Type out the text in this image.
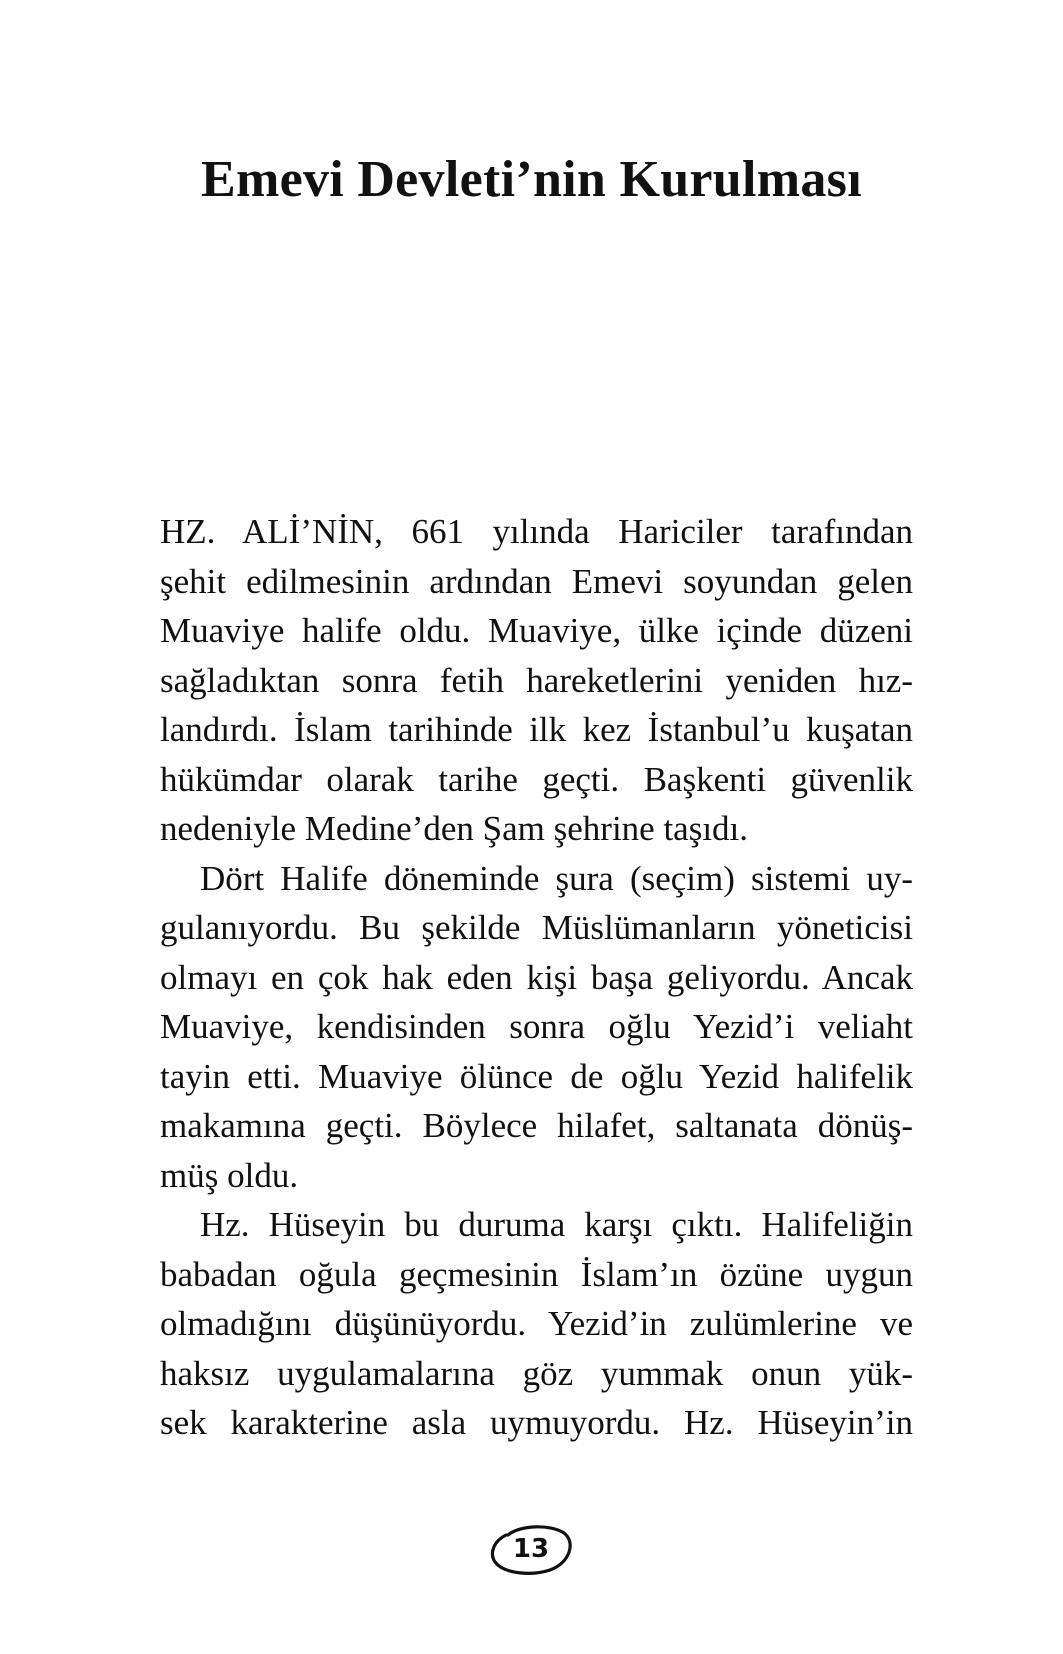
Emevi Devleti’nin Kurulması
HZ. ALİ’NİN, 661 yılında Hariciler tarafından
şehit edilmesinin ardından Emevi soyundan gelen
Muaviye halife oldu. Muaviye, ülke içinde düzeni
sağladıktan sonra fetih hareketlerini yeniden hız-
landırdı. İslam tarihinde ilk kez İstanbul’u kuşatan
hükümdar olarak tarihe geçti. Başkenti güvenlik
nedeniyle Medine’den Şam şehrine taşıdı.
Dört Halife döneminde şura (seçim) sistemi uy-
gulanıyordu. Bu şekilde Müslümanların yöneticisi
olmayı en çok hak eden kişi başa geliyordu. Ancak
Muaviye, kendisinden sonra oğlu Yezid’i veliaht
tayin etti. Muaviye ölünce de oğlu Yezid halifelik
makamına geçti. Böylece hilafet, saltanata dönüş-
müş oldu.
Hz. Hüseyin bu duruma karşı çıktı. Halifeliğin
babadan oğula geçmesinin İslam’ın özüne uygun
olmadığını düşünüyordu. Yezid’in zulümlerine ve
haksız uygulamalarına göz yummak onun yük-
sek karakterine asla uymuyordu. Hz. Hüseyin’in
13
